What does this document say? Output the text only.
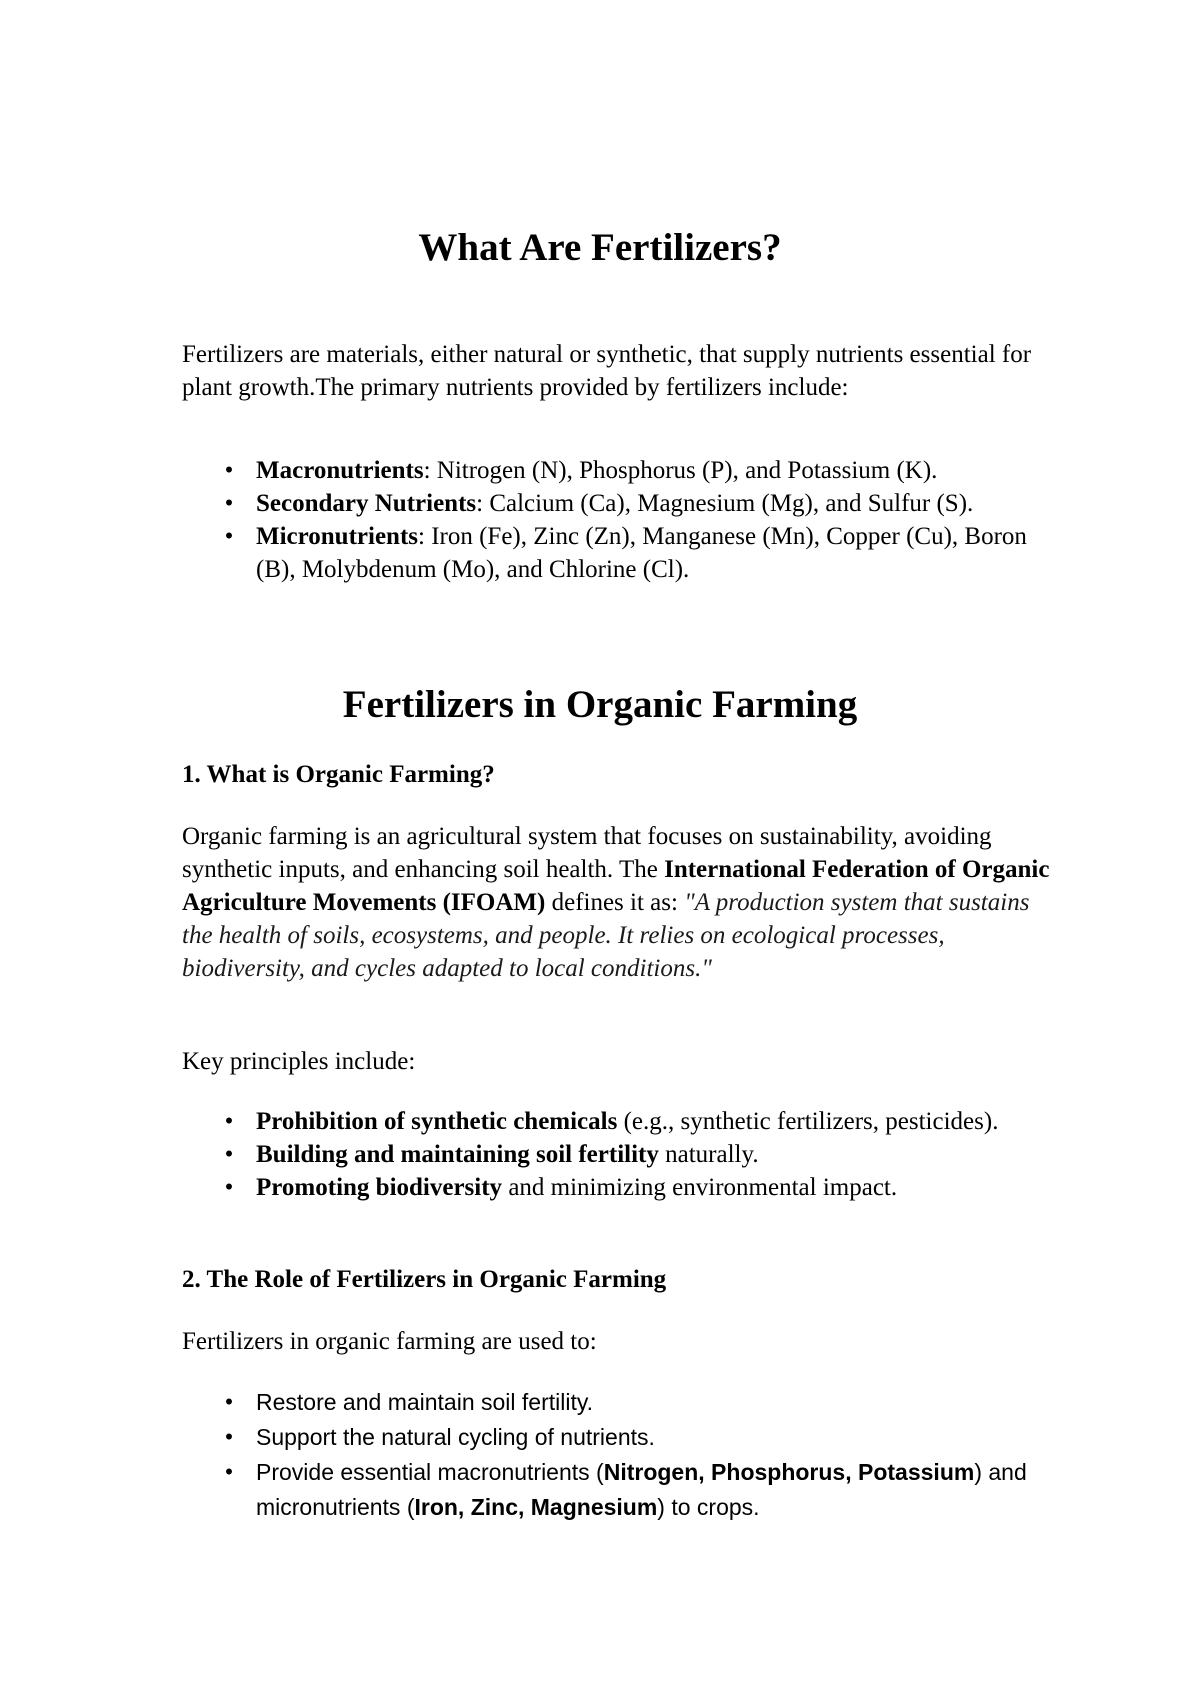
What Are Fertilizers?

Fertilizers are materials, either natural or synthetic, that supply nutrients essential for plant growth.The primary nutrients provided by fertilizers include:

• Macronutrients: Nitrogen (N), Phosphorus (P), and Potassium (K).
• Secondary Nutrients: Calcium (Ca), Magnesium (Mg), and Sulfur (S).
• Micronutrients: Iron (Fe), Zinc (Zn), Manganese (Mn), Copper (Cu), Boron (B), Molybdenum (Mo), and Chlorine (Cl).
Fertilizers in Organic Farming

1. What is Organic Farming?

Organic farming is an agricultural system that focuses on sustainability, avoiding synthetic inputs, and enhancing soil health. The International Federation of Organic Agriculture Movements (IFOAM) defines it as: "A production system that sustains the health of soils, ecosystems, and people. It relies on ecological processes, biodiversity, and cycles adapted to local conditions."

Key principles include:

• Prohibition of synthetic chemicals (e.g., synthetic fertilizers, pesticides).
• Building and maintaining soil fertility naturally.
• Promoting biodiversity and minimizing environmental impact.

2. The Role of Fertilizers in Organic Farming

Fertilizers in organic farming are used to:

• Restore and maintain soil fertility.
• Support the natural cycling of nutrients.
• Provide essential macronutrients (Nitrogen, Phosphorus, Potassium) and micronutrients (Iron, Zinc, Magnesium) to crops.
